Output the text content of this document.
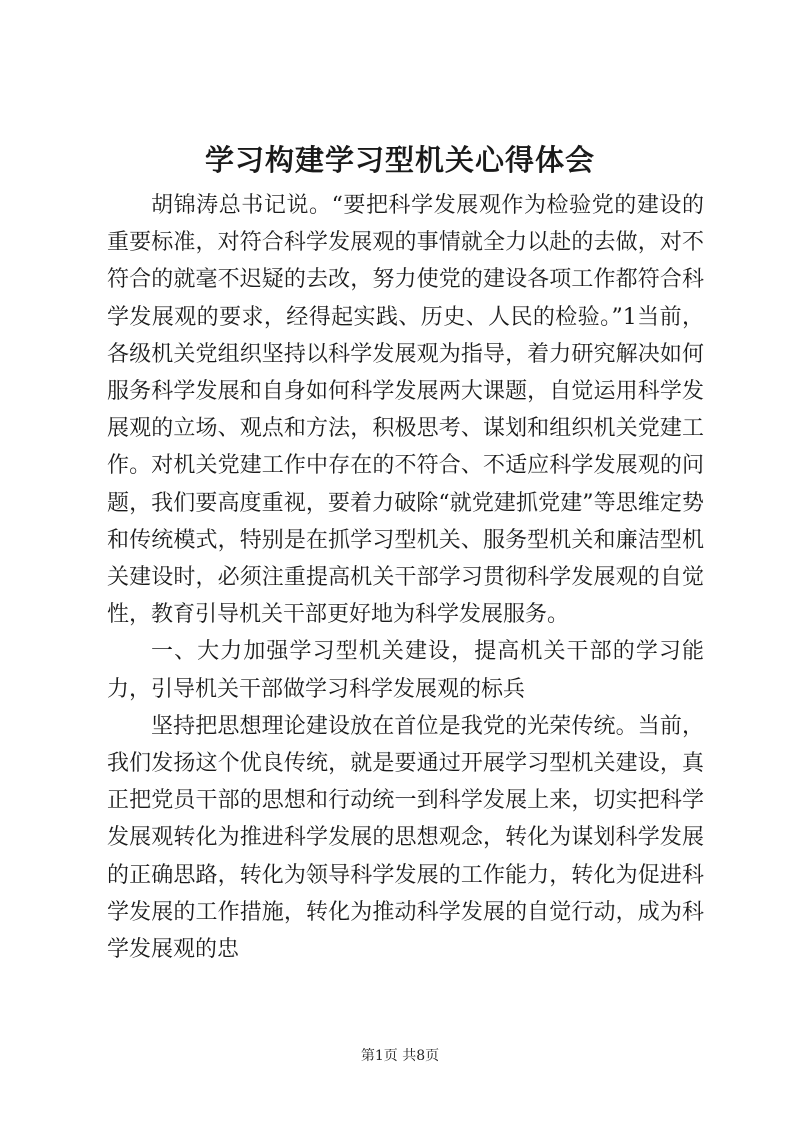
学习构建学习型机关心得体会

胡锦涛总书记说。“要把科学发展观作为检验党的建设的重要标准，对符合科学发展观的事情就全力以赴的去做，对不符合的就毫不迟疑的去改，努力使党的建设各项工作都符合科学发展观的要求，经得起实践、历史、人民的检验。”1当前，各级机关党组织坚持以科学发展观为指导，着力研究解决如何服务科学发展和自身如何科学发展两大课题，自觉运用科学发展观的立场、观点和方法，积极思考、谋划和组织机关党建工作。对机关党建工作中存在的不符合、不适应科学发展观的问题，我们要高度重视，要着力破除“就党建抓党建”等思维定势和传统模式，特别是在抓学习型机关、服务型机关和廉洁型机关建设时，必须注重提高机关干部学习贯彻科学发展观的自觉性，教育引导机关干部更好地为科学发展服务。

一、大力加强学习型机关建设，提高机关干部的学习能力，引导机关干部做学习科学发展观的标兵

坚持把思想理论建设放在首位是我党的光荣传统。当前，我们发扬这个优良传统，就是要通过开展学习型机关建设，真正把党员干部的思想和行动统一到科学发展上来，切实把科学发展观转化为推进科学发展的思想观念，转化为谋划科学发展的正确思路，转化为领导科学发展的工作能力，转化为促进科学发展的工作措施，转化为推动科学发展的自觉行动，成为科学发展观的忠

第1页 共8页
